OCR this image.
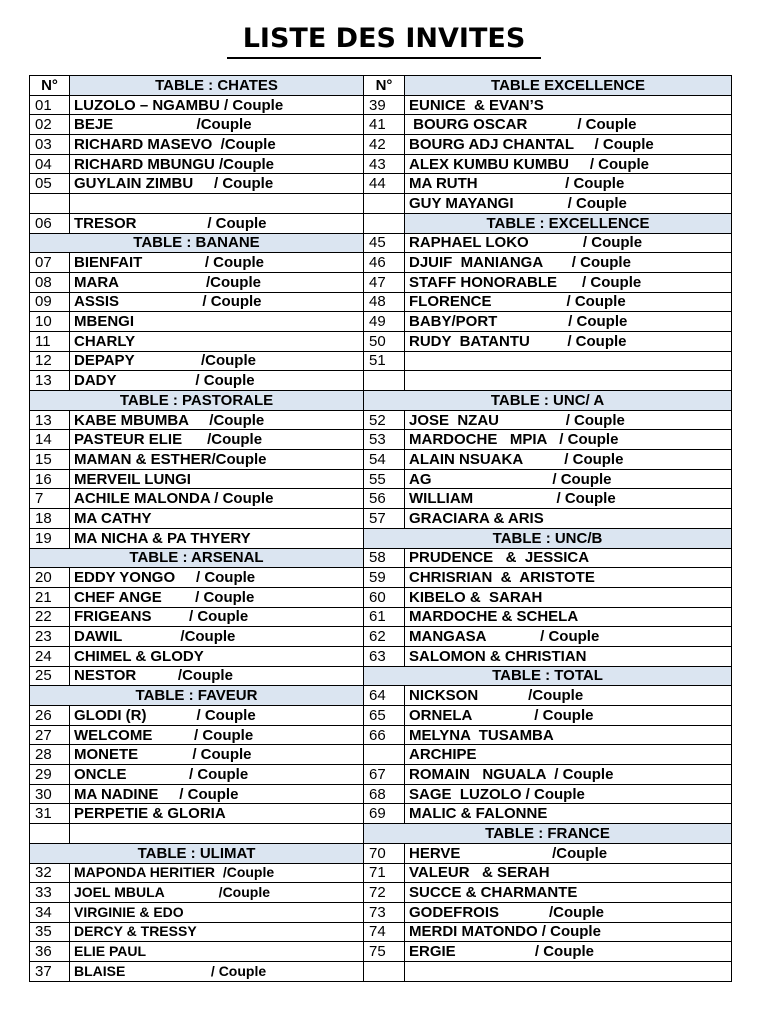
LISTE DES INVITES
N°	TABLE : CHATES	N°	TABLE EXCELLENCE
01	LUZOLO – NGAMBU / Couple	39	EUNICE  & EVAN’S
02	BEJE                    /Couple	41	BOURG OSCAR            / Couple
03	RICHARD MASEVO  /Couple	42	BOURG ADJ CHANTAL     / Couple
04	RICHARD MBUNGU /Couple	43	ALEX KUMBU KUMBU     / Couple
05	GUYLAIN ZIMBU     / Couple	44	MA RUTH                     / Couple
			GUY MAYANGI             / Couple
06	TRESOR                 / Couple		TABLE : EXCELLENCE
TABLE : BANANE		45	RAPHAEL LOKO             / Couple
07	BIENFAIT               / Couple	46	DJUIF  MANIANGA       / Couple
08	MARA                     /Couple	47	STAFF HONORABLE      / Couple
09	ASSIS                    / Couple	48	FLORENCE                  / Couple
10	MBENGI	49	BABY/PORT                 / Couple
11	CHARLY	50	RUDY  BATANTU         / Couple
12	DEPAPY                /Couple	51	
13	DADY                   / Couple		
TABLE : PASTORALE		TABLE : UNC/ A	
13	KABE MBUMBA     /Couple	52	JOSE  NZAU                / Couple
14	PASTEUR ELIE      /Couple	53	MARDOCHE   MPIA   / Couple
15	MAMAN & ESTHER/Couple	54	ALAIN NSUAKA          / Couple
16	MERVEIL LUNGI	55	AG                             / Couple
7	ACHILE MALONDA / Couple	56	WILLIAM                    / Couple
18	MA CATHY	57	GRACIARA & ARIS
19	MA NICHA & PA THYERY	TABLE : UNC/B	
TABLE : ARSENAL		58	PRUDENCE   &  JESSICA
20	EDDY YONGO     / Couple	59	CHRISRIAN  &  ARISTOTE
21	CHEF ANGE        / Couple	60	KIBELO &  SARAH
22	FRIGEANS         / Couple	61	MARDOCHE & SCHELA
23	DAWIL              /Couple	62	MANGASA             / Couple
24	CHIMEL & GLODY	63	SALOMON & CHRISTIAN
25	NESTOR          /Couple	TABLE : TOTAL	
TABLE : FAVEUR		64	NICKSON            /Couple
26	GLODI (R)            / Couple	65	ORNELA               / Couple
27	WELCOME          / Couple	66	MELYNA  TUSAMBA
28	MONETE             / Couple		ARCHIPE
29	ONCLE               / Couple	67	ROMAIN   NGUALA  / Couple
30	MA NADINE     / Couple	68	SAGE  LUZOLO / Couple
31	PERPETIE & GLORIA	69	MALIC & FALONNE
		TABLE : FRANCE	
TABLE : ULIMAT		70	HERVE                      /Couple
32	MAPONDA HERITIER  /Couple	71	VALEUR   & SERAH
33	JOEL MBULA              /Couple	72	SUCCE & CHARMANTE
34	VIRGINIE & EDO	73	GODEFROIS            /Couple
35	DERCY & TRESSY	74	MERDI MATONDO / Couple
36	ELIE PAUL	75	ERGIE                   / Couple
37	BLAISE                      / Couple		
